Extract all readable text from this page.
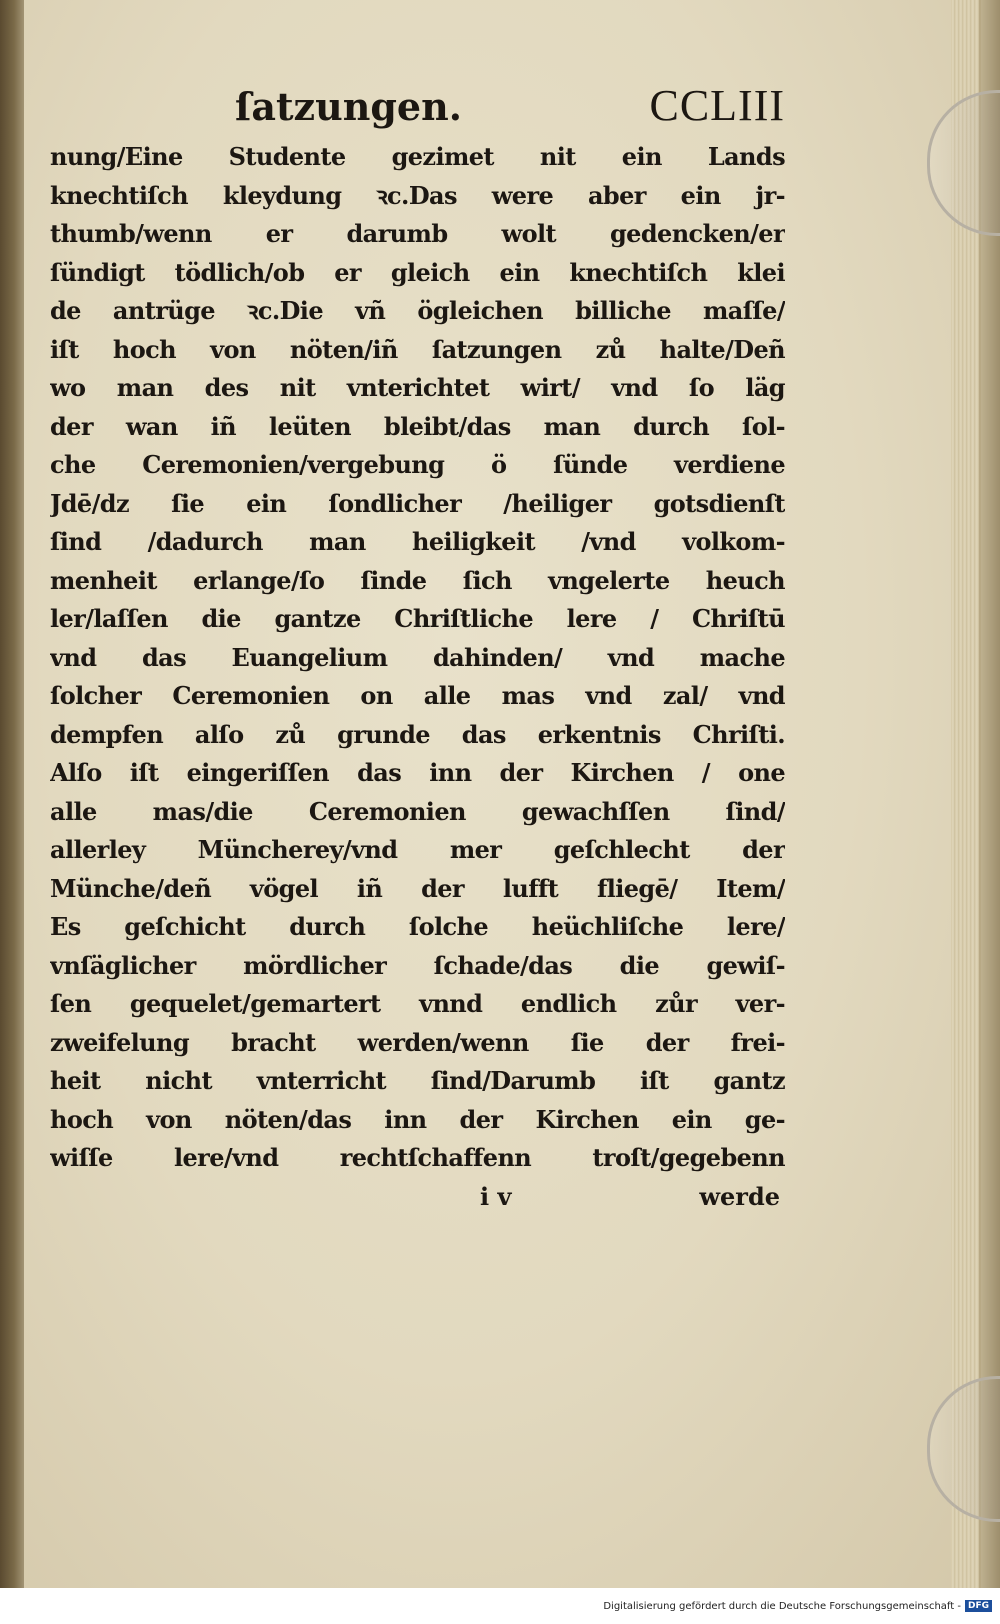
ſatzungen.	CCLIII
nung/Eine Studente gezimet nit ein Lands
knechtiſch kleydung ꝛc.Das were aber ein jr-
thumb/wenn er darumb wolt gedencken/er
ſündigt tödlich/ob er gleich ein knechtiſch klei
de antrüge ꝛc.Die vñ ögleichen billiche maſſe/
iſt hoch von nöten/iñ ſatzungen zů halte/Deñ
wo man des nit vnterichtet wirt/ vnd ſo läg
der wan iñ leüten bleibt/das man durch ſol-
che Ceremonien/vergebung ö ſünde verdiene
Jdē/dz ſie ein ſondlicher /heiliger gotsdienſt
ſind /dadurch man heiligkeit /vnd volkom-
menheit erlange/ſo ſinde ſich vngelerte heuch
ler/laſſen die gantze Chriſtliche lere / Chriſtū
vnd das Euangelium dahinden/ vnd mache
ſolcher Ceremonien on alle mas vnd zal/ vnd
dempfen alſo zů grunde das erkentnis Chriſti.
Alſo iſt eingeriſſen das inn der Kirchen / one
alle mas/die Ceremonien gewachſſen ſind/
allerley Müncherey/vnd mer geſchlecht der
Münche/deñ vögel iñ der lufft fliegē/ Item/
Es geſchicht durch ſolche heüchliſche lere/
vnſäglicher mördlicher ſchade/das die gewiſ-
ſen gequelet/gemartert vnnd endlich zůr ver-
zweifelung bracht werden/wenn ſie der frei-
heit nicht vnterricht ſind/Darumb iſt gantz
hoch von nöten/das inn der Kirchen ein ge-
wiſſe lere/vnd rechtſchaffenn troſt/gegebenn
i v	werde
Digitalisierung gefördert durch die Deutsche Forschungsgemeinschaft - DFG
